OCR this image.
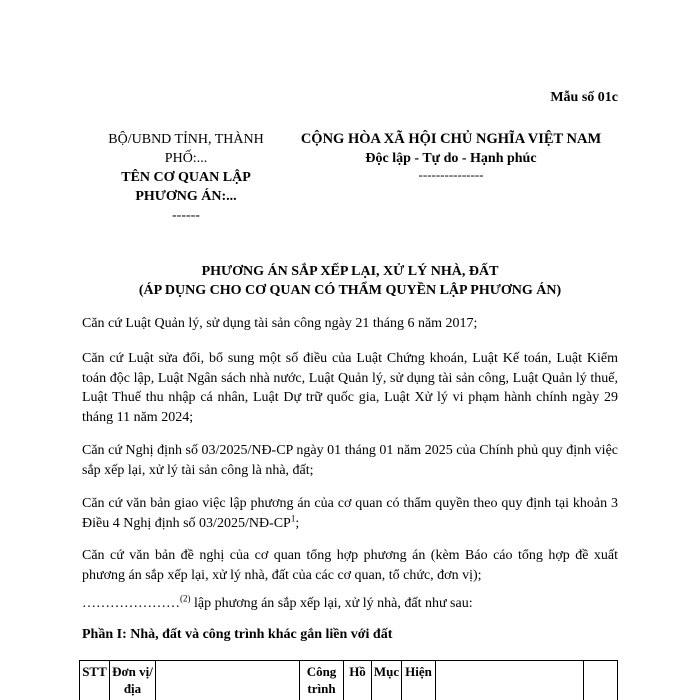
Mẫu số 01c
BỘ/UBND TỈNH, THÀNH
PHỐ:...
TÊN CƠ QUAN LẬP
PHƯƠNG ÁN:...
------
CỘNG HÒA XÃ HỘI CHỦ NGHĨA VIỆT NAM
Độc lập - Tự do - Hạnh phúc
---------------
PHƯƠNG ÁN SẮP XẾP LẠI, XỬ LÝ NHÀ, ĐẤT
(ÁP DỤNG CHO CƠ QUAN CÓ THẨM QUYỀN LẬP PHƯƠNG ÁN)
Căn cứ Luật Quản lý, sử dụng tài sản công ngày 21 tháng 6 năm 2017;
Căn cứ Luật sửa đổi, bổ sung một số điều của Luật Chứng khoán, Luật Kế toán, Luật Kiểm toán độc lập, Luật Ngân sách nhà nước, Luật Quản lý, sử dụng tài sản công, Luật Quản lý thuế, Luật Thuế thu nhập cá nhân, Luật Dự trữ quốc gia, Luật Xử lý vi phạm hành chính ngày 29 tháng 11 năm 2024;
Căn cứ Nghị định số 03/2025/NĐ-CP ngày 01 tháng 01 năm 2025 của Chính phủ quy định việc sắp xếp lại, xử lý tài sản công là nhà, đất;
Căn cứ văn bản giao việc lập phương án của cơ quan có thẩm quyền theo quy định tại khoản 3 Điều 4 Nghị định số $03/2025/NĐ-CP^1$;
Căn cứ văn bản đề nghị của cơ quan tổng hợp phương án (kèm Báo cáo tổng hợp đề xuất phương án sắp xếp lại, xử lý nhà, đất của các cơ quan, tổ chức, đơn vị);
…………………$^{(2)}$ lập phương án sắp xếp lại, xử lý nhà, đất như sau:
Phần I: Nhà, đất và công trình khác gắn liền với đất
STT	Đơn vị/địa		Công trình	Hồ	Mục	Hiện		
